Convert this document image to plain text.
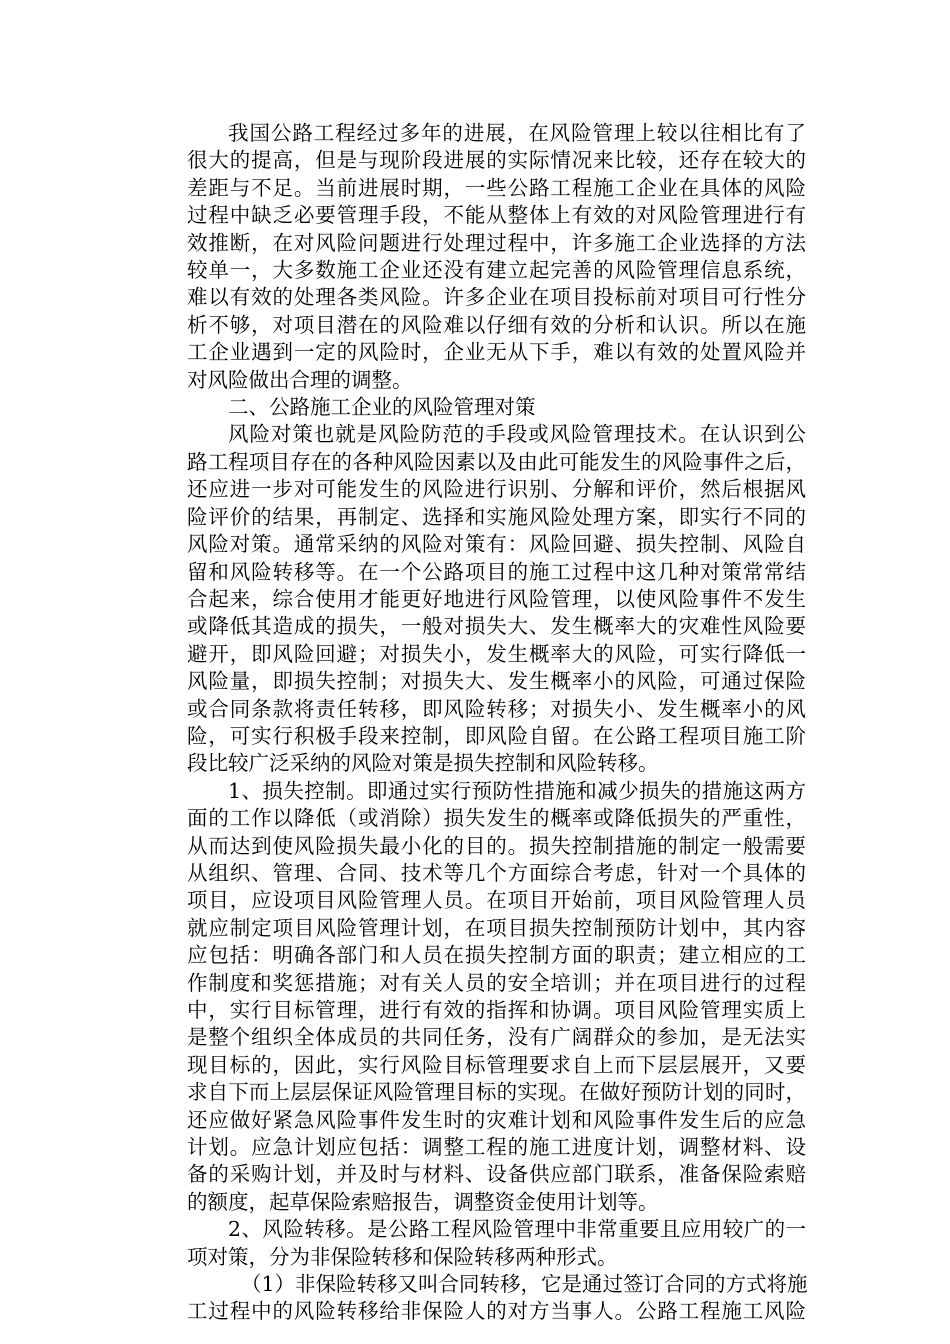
我国公路工程经过多年的进展，在风险管理上较以往相比有了
很大的提高，但是与现阶段进展的实际情况来比较，还存在较大的
差距与不足。当前进展时期，一些公路工程施工企业在具体的风险
过程中缺乏必要管理手段，不能从整体上有效的对风险管理进行有
效推断，在对风险问题进行处理过程中，许多施工企业选择的方法
较单一，大多数施工企业还没有建立起完善的风险管理信息系统，
难以有效的处理各类风险。许多企业在项目投标前对项目可行性分
析不够，对项目潜在的风险难以仔细有效的分析和认识。所以在施
工企业遇到一定的风险时，企业无从下手，难以有效的处置风险并
对风险做出合理的调整。
二、公路施工企业的风险管理对策
风险对策也就是风险防范的手段或风险管理技术。在认识到公
路工程项目存在的各种风险因素以及由此可能发生的风险事件之后，
还应进一步对可能发生的风险进行识别、分解和评价，然后根据风
险评价的结果，再制定、选择和实施风险处理方案，即实行不同的
风险对策。通常采纳的风险对策有：风险回避、损失控制、风险自
留和风险转移等。在一个公路项目的施工过程中这几种对策常常结
合起来，综合使用才能更好地进行风险管理，以使风险事件不发生
或降低其造成的损失，一般对损失大、发生概率大的灾难性风险要
避开，即风险回避；对损失小，发生概率大的风险，可实行降低一
风险量，即损失控制；对损失大、发生概率小的风险，可通过保险
或合同条款将责任转移，即风险转移；对损失小、发生概率小的风
险，可实行积极手段来控制，即风险自留。在公路工程项目施工阶
段比较广泛采纳的风险对策是损失控制和风险转移。
1、损失控制。即通过实行预防性措施和减少损失的措施这两方
面的工作以降低（或消除）损失发生的概率或降低损失的严重性，
从而达到使风险损失最小化的目的。损失控制措施的制定一般需要
从组织、管理、合同、技术等几个方面综合考虑，针对一个具体的
项目，应设项目风险管理人员。在项目开始前，项目风险管理人员
就应制定项目风险管理计划，在项目损失控制预防计划中，其内容
应包括：明确各部门和人员在损失控制方面的职责；建立相应的工
作制度和奖惩措施；对有关人员的安全培训；并在项目进行的过程
中，实行目标管理，进行有效的指挥和协调。项目风险管理实质上
是整个组织全体成员的共同任务，没有广阔群众的参加，是无法实
现目标的，因此，实行风险目标管理要求自上而下层层展开，又要
求自下而上层层保证风险管理目标的实现。在做好预防计划的同时，
还应做好紧急风险事件发生时的灾难计划和风险事件发生后的应急
计划。应急计划应包括：调整工程的施工进度计划，调整材料、设
备的采购计划，并及时与材料、设备供应部门联系，准备保险索赔
的额度，起草保险索赔报告，调整资金使用计划等。
2、风险转移。是公路工程风险管理中非常重要且应用较广的一
项对策，分为非保险转移和保险转移两种形式。
（1）非保险转移又叫合同转移，它是通过签订合同的方式将施
工过程中的风险转移给非保险人的对方当事人。公路工程施工风险
